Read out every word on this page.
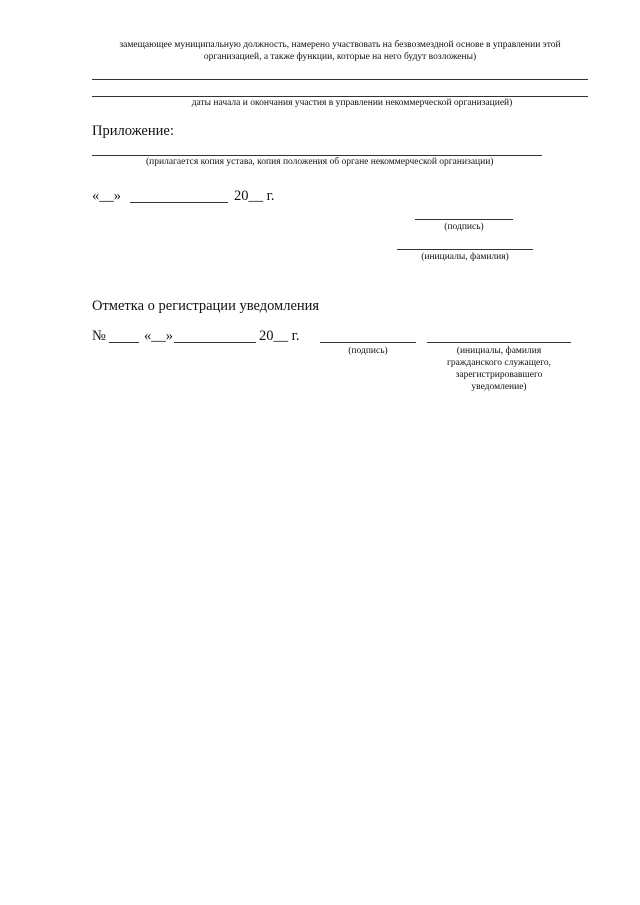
замещающее муниципальную должность, намерено участвовать на безвозмездной основе в управлении этой
организацией, а также функции, которые на него будут возложены)
даты начала и окончания участия в управлении некоммерческой организацией)
Приложение:
(прилагается копия устава, копия положения об органе некоммерческой организации)
«__»	20__ г.
(подпись)
(инициалы, фамилия)
Отметка о регистрации уведомления
№	«__»	20__ г.
(подпись)	(инициалы, фамилия
гражданского служащего,
зарегистрировавшего
уведомление)
